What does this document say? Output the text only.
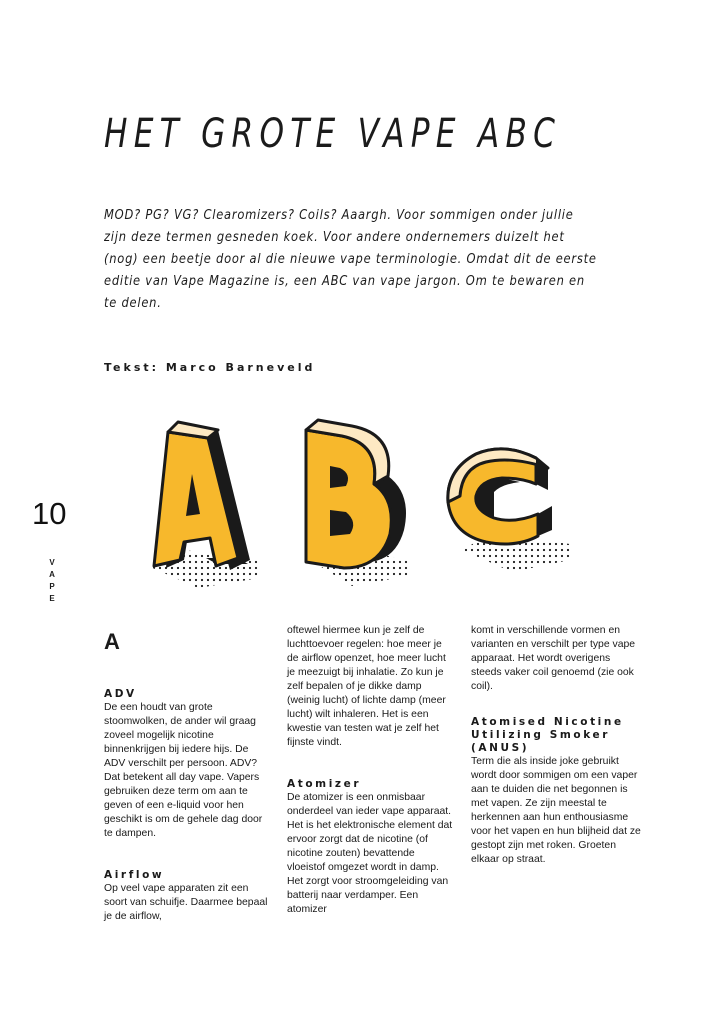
HET GROTE VAPE ABC

MOD? PG? VG? Clearomizers? Coils? Aaargh. Voor sommigen onder jullie zijn deze termen gesneden koek. Voor andere ondernemers duizelt het (nog) een beetje door al die nieuwe vape terminologie. Omdat dit de eerste editie van Vape Magazine is, een ABC van vape jargon. Om te bewaren en te delen.

Tekst: Marco Barneveld

10

VAPE
A
ADV

De een houdt van grote stoomwolken, de ander wil graag zoveel mogelijk nicotine binnenkrijgen bij iedere hijs. De ADV verschilt per persoon. ADV? Dat betekent all day vape. Vapers gebruiken deze term om aan te geven of een e-liquid voor hen geschikt is om de gehele dag door te dampen.

Airflow

Op veel vape apparaten zit een soort van schuifje. Daarmee bepaal je de airflow,

oftewel hiermee kun je zelf de luchttoevoer regelen: hoe meer je de airflow openzet, hoe meer lucht je meezuigt bij inhalatie. Zo kun je zelf bepalen of je dikke damp (weinig lucht) of lichte damp (meer lucht) wilt inhaleren. Het is een kwestie van testen wat je zelf het fijnste vindt.

Atomizer

De atomizer is een onmisbaar onderdeel van ieder vape apparaat. Het is het elektronische element dat ervoor zorgt dat de nicotine (of nicotine zouten) bevattende vloeistof omgezet wordt in damp. Het zorgt voor stroomgeleiding van batterij naar verdamper. Een atomizer

komt in verschillende vormen en varianten en verschilt per type vape apparaat. Het wordt overigens steeds vaker coil genoemd (zie ook coil).

Atomised Nicotine Utilizing Smoker (ANUS)

Term die als inside joke gebruikt wordt door sommigen om een vaper aan te duiden die net begonnen is met vapen. Ze zijn meestal te herkennen aan hun enthousiasme voor het vapen en hun blijheid dat ze gestopt zijn met roken. Groeten elkaar op straat.
